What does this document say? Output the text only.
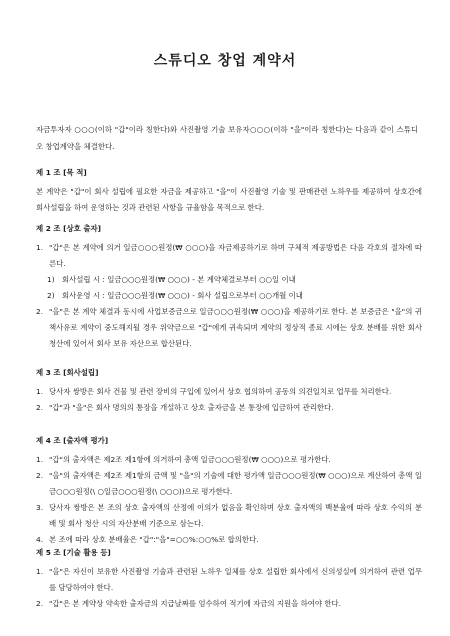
스튜디오 창업 계약서
자금투자자 ○○○(이하 "갑"이라 칭한다)와 사진촬영 기술 보유자○○○(이하 "을"이라 칭한다)는 다음과 같이 스튜디오 창업계약을 체결한다.
제 1 조 [목 적]
본 계약은 "갑"이 회사 설립에 필요한 자금을 제공하고 "을"이 사진촬영 기술 및 판매관련 노하우를 제공하여 상호간에 회사설립을 하여 운영하는 것과 관련된 사항을 규율함을 목적으로 한다.
제 2 조 [상호 출자]
1. "갑"은 본 계약에 의거 일금○○○원정(₩ ○○○)을 자금제공하기로 하며 구체적 제공방법은 다음 각호의 절차에 따른다.
1)	회사설립 시 : 일금○○○원정(₩ ○○○) - 본 계약체결로부터 ○○일 이내
2)	회사운영 시 : 일금○○○원정(₩ ○○○) - 회사 설립으로부터 ○○개월 이내
2. "을"은 본 계약 체결과 동시에 사업보증금으로 일금○○○원정(₩ ○○○)을 제공하기로 한다. 본 보증금은 "을"의 귀책사유로 계약이 중도해지될 경우 위약금으로 "갑"에게 귀속되며 계약의 정상적 종료 시에는 상호 분배를 위한 회사 청산에 있어서 회사 보유 자산으로 합산된다.
제 3 조 [회사설립]
1. 당사자 쌍방은 회사 건물 및 관련 장비의 구입에 있어서 상호 협의하여 공동의 의견일치로 업무를 처리한다.
2. "갑"과 "을"은 회사 명의의 통장을 개설하고 상호 출자금을 본 통장에 입금하여 관리한다.
제 4 조 [출자액 평가]
1. "갑"의 출자액은 제2조 제1항에 의거하여 총액 일금○○○원정(₩ ○○○)으로 평가한다.
2. "을"의 출자액은 제2조 제1항의 금액 및 "을"의 기술에 대한 평가액 일금○○○원정(₩ ○○○)으로 계산하여 총액 일금○○○원정(\ ○일금○○○원정(\ ○○○))으로 평가한다.
3. 당사자 쌍방은 본 조의 상호 출자액의 산정에 이의가 없음을 확인하며 상호 출자액의 백분율에 따라 상호 수익의 분배 및 회사 청산 시의 자산분배 기준으로 삼는다.
4. 본 조에 따라 상호 분배율은 "갑":"을"=○○%:○○%로 합의한다.
제 5 조 [기술 활용 등]
1. "을"은 자신이 보유한 사진촬영 기술과 관련된 노하우 일체를 상호 설립한 회사에서 신의성실에 의거하여 관련 업무를 담당하여야 한다.
2. "갑"은 본 계약상 약속한 출자금의 지급날짜를 엄수하여 적기에 자금의 지원을 하여야 한다.
